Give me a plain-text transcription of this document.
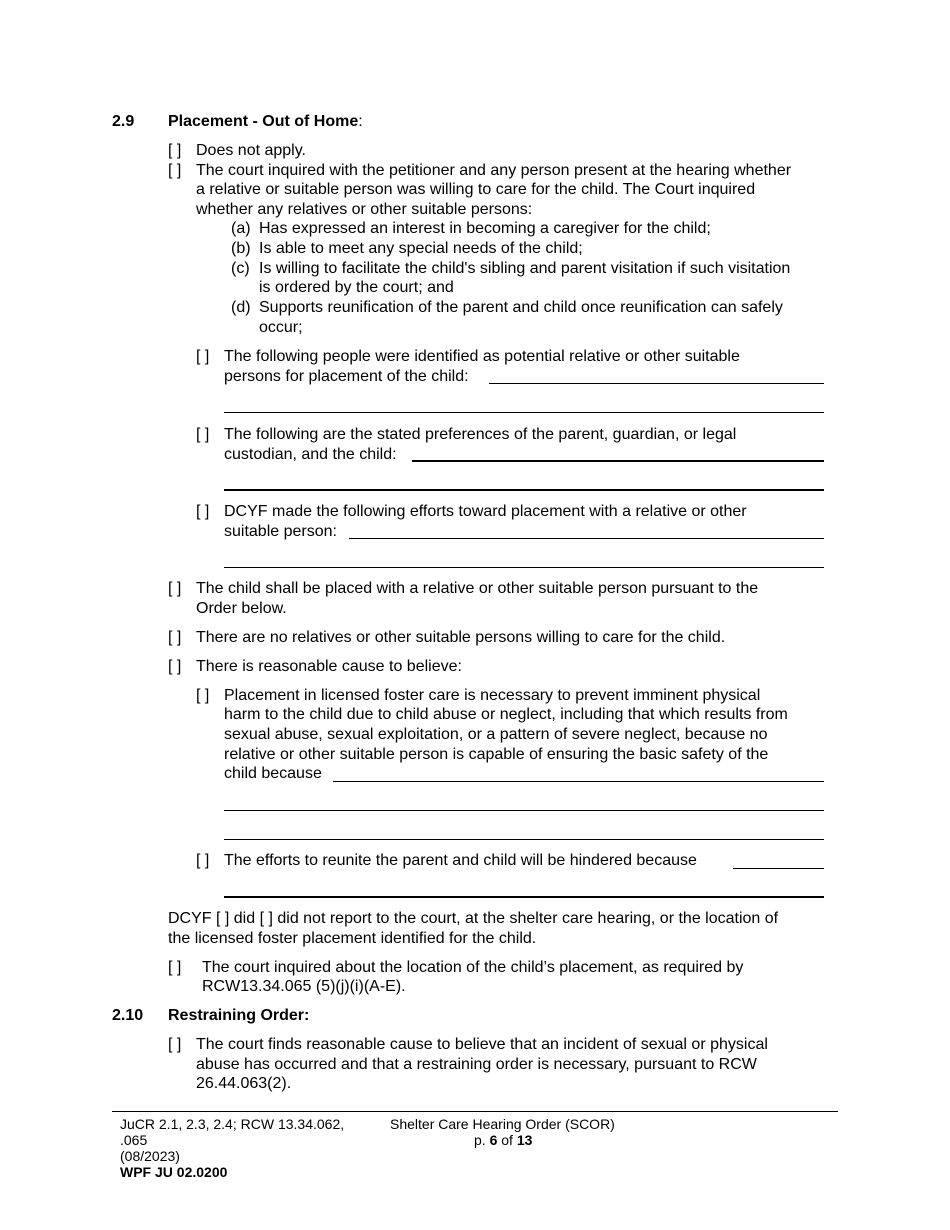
2.9 Placement - Out of Home:
[ ] Does not apply.
[ ] The court inquired with the petitioner and any person present at the hearing whether
a relative or suitable person was willing to care for the child. The Court inquired
whether any relatives or other suitable persons:
(a) Has expressed an interest in becoming a caregiver for the child;
(b) Is able to meet any special needs of the child;
(c) Is willing to facilitate the child's sibling and parent visitation if such visitation
is ordered by the court; and
(d) Supports reunification of the parent and child once reunification can safely
occur;
[ ] The following people were identified as potential relative or other suitable
persons for placement of the child:
[ ] The following are the stated preferences of the parent, guardian, or legal
custodian, and the child:
[ ] DCYF made the following efforts toward placement with a relative or other
suitable person:
[ ] The child shall be placed with a relative or other suitable person pursuant to the
Order below.
[ ] There are no relatives or other suitable persons willing to care for the child.
[ ] There is reasonable cause to believe:
[ ] Placement in licensed foster care is necessary to prevent imminent physical
harm to the child due to child abuse or neglect, including that which results from
sexual abuse, sexual exploitation, or a pattern of severe neglect, because no
relative or other suitable person is capable of ensuring the basic safety of the
child because
[ ] The efforts to reunite the parent and child will be hindered because
DCYF [ ] did [ ] did not report to the court, at the shelter care hearing, or the location of
the licensed foster placement identified for the child.
[ ] The court inquired about the location of the child’s placement, as required by
RCW13.34.065 (5)(j)(i)(A-E).
2.10 Restraining Order:
[ ] The court finds reasonable cause to believe that an incident of sexual or physical
abuse has occurred and that a restraining order is necessary, pursuant to RCW
26.44.063(2).
JuCR 2.1, 2.3, 2.4; RCW 13.34.062,
.065
(08/2023)
WPF JU 02.0200
Shelter Care Hearing Order (SCOR)
p. 6 of 13
